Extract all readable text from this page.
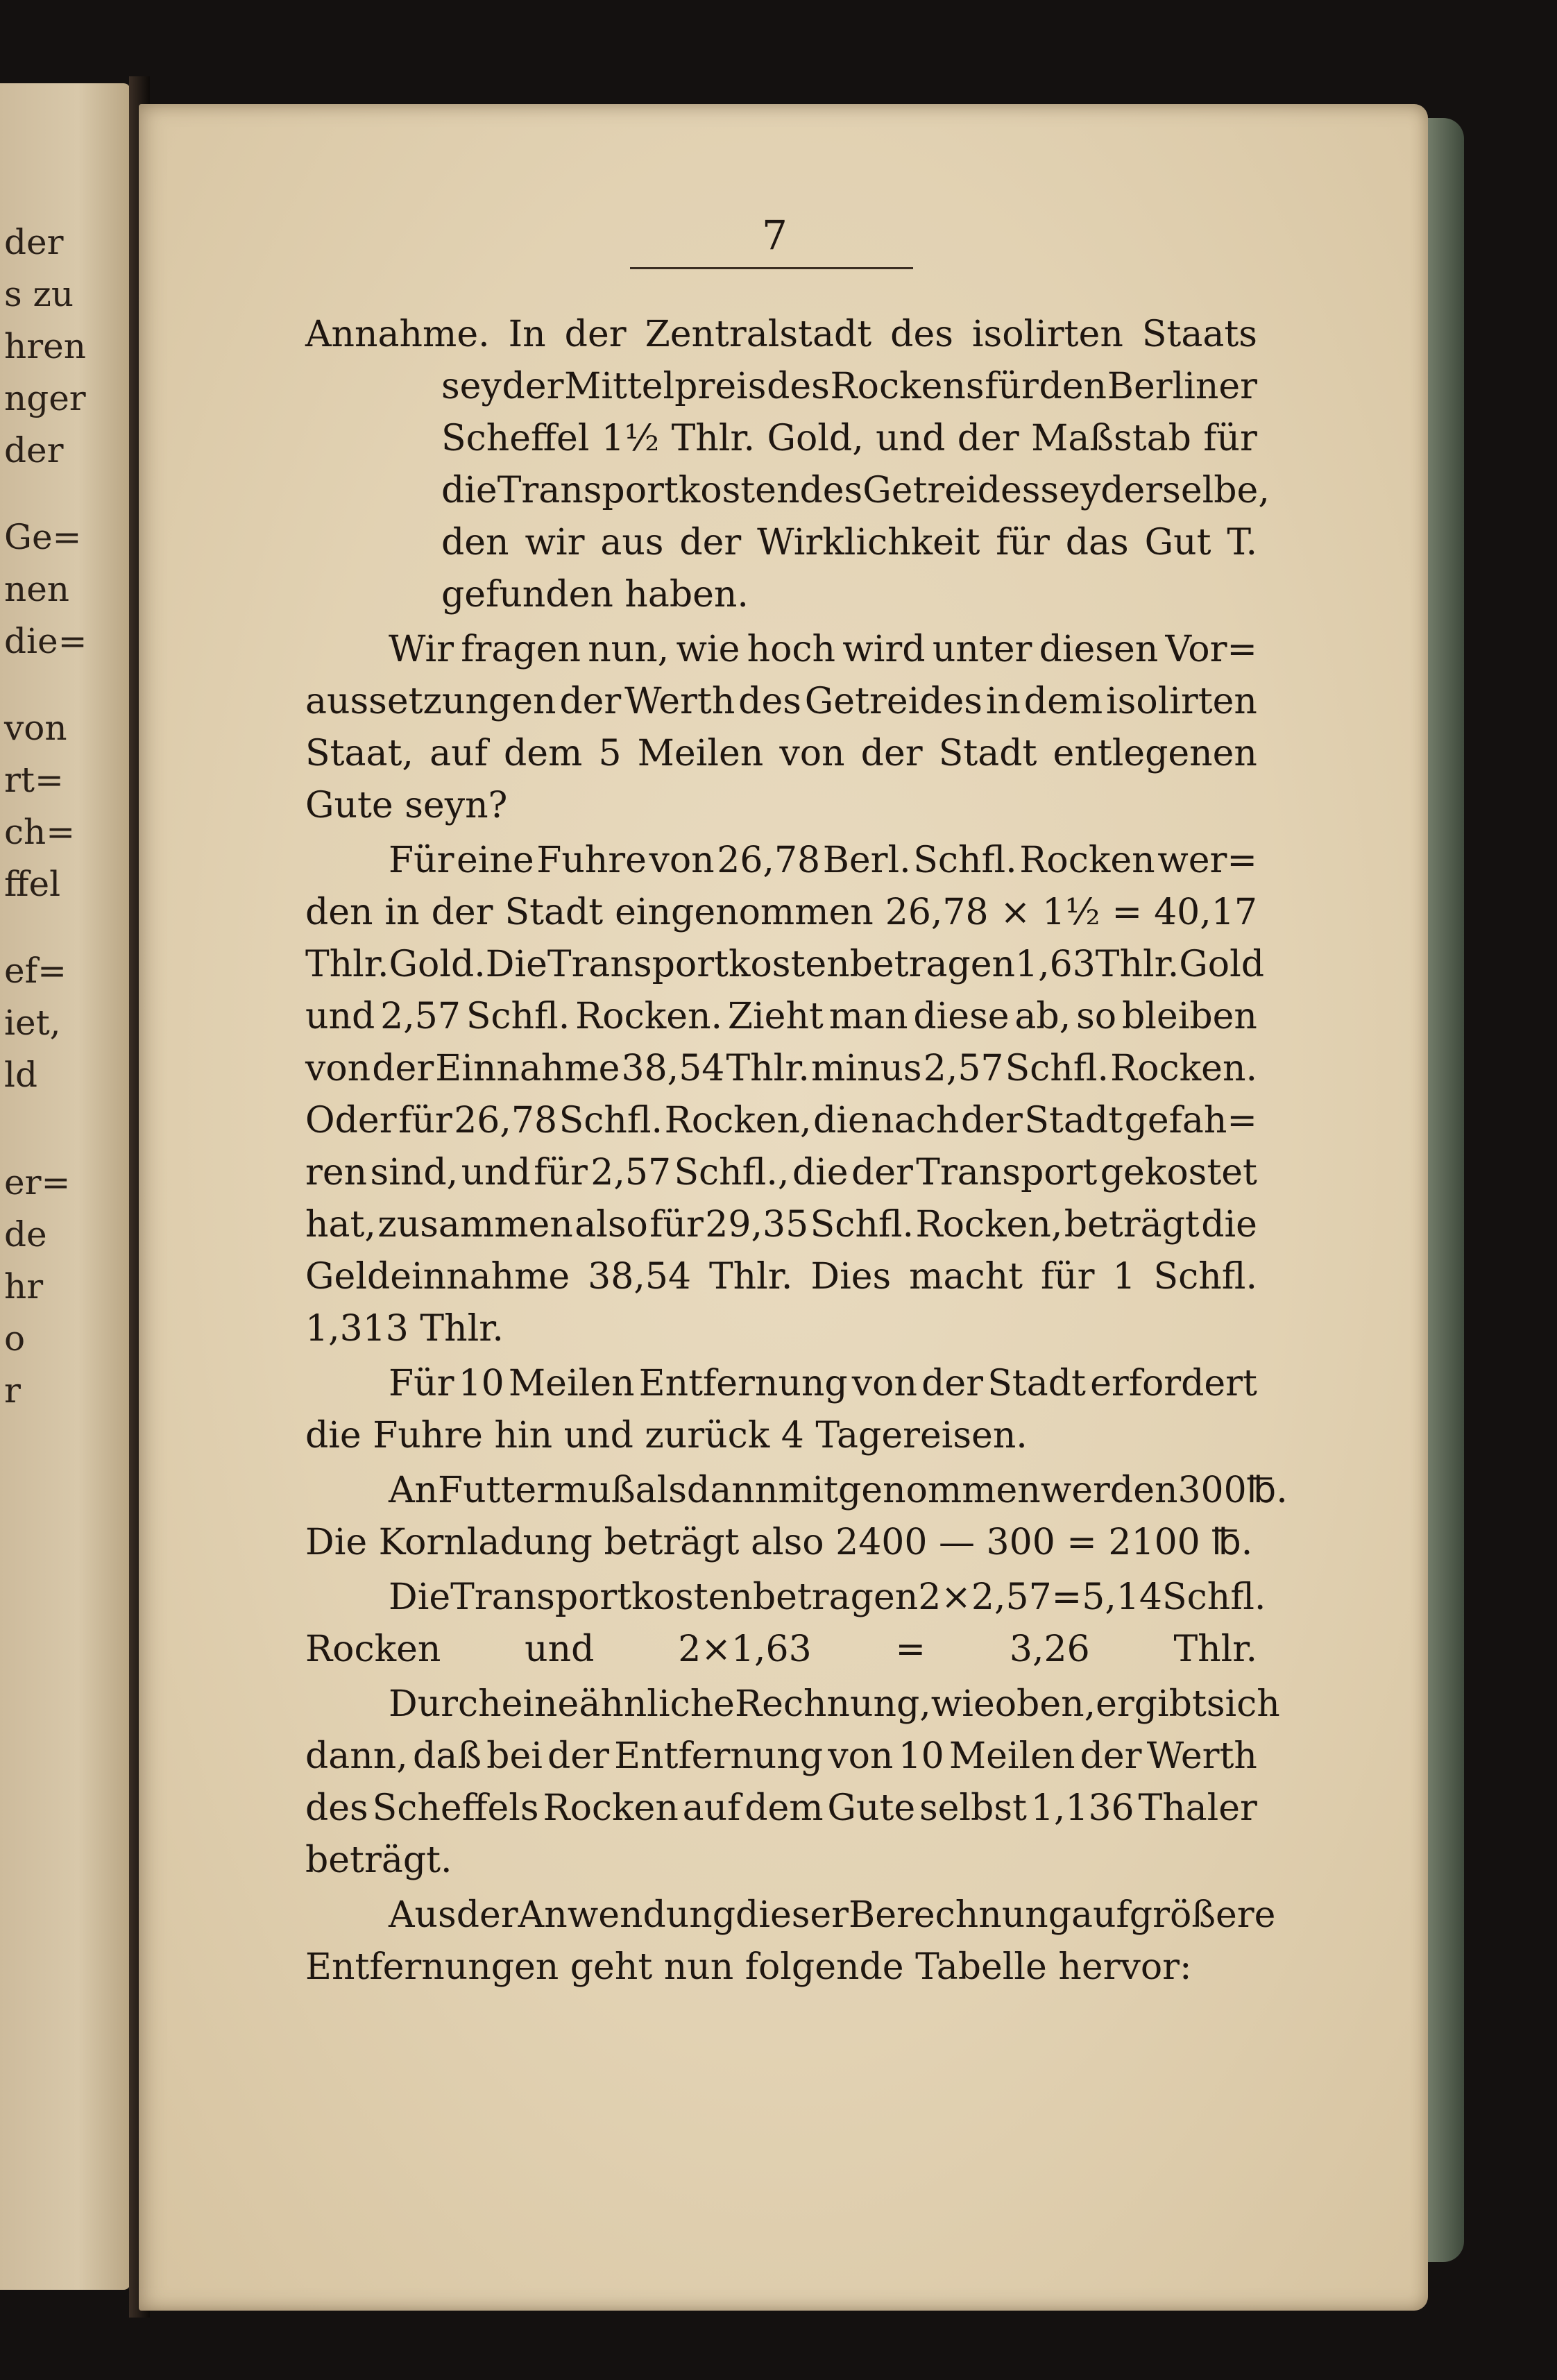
der
s zu
hren
nger
der
Ge=
nen
die=
von
rt=
ch=
ffel
ef=
iet,
ld
er=
de
hr
o
r
7
Annahme. In der Zentralstadt des isolirten Staats
sey der Mittelpreis des Rockens für den Berliner
Scheffel 1½ Thlr. Gold, und der Maßstab für
die Transportkosten des Getreides sey derselbe,
den wir aus der Wirklichkeit für das Gut T.
gefunden haben.
Wir fragen nun, wie hoch wird unter diesen Vor=
aussetzungen der Werth des Getreides in dem isolirten
Staat, auf dem 5 Meilen von der Stadt entlegenen
Gute seyn?
Für eine Fuhre von 26,78 Berl. Schfl. Rocken wer=
den in der Stadt eingenommen 26,78 × 1½ = 40,17
Thlr. Gold. Die Transportkosten betragen 1,63 Thlr. Gold
und 2,57 Schfl. Rocken. Zieht man diese ab, so bleiben
von der Einnahme 38,54 Thlr. minus 2,57 Schfl. Rocken.
Oder für 26,78 Schfl. Rocken, die nach der Stadt gefah=
ren sind, und für 2,57 Schfl., die der Transport gekostet
hat, zusammen also für 29,35 Schfl. Rocken, beträgt die
Geldeinnahme 38,54 Thlr. Dies macht für 1 Schfl.
1,313 Thlr.
Für 10 Meilen Entfernung von der Stadt erfordert
die Fuhre hin und zurück 4 Tagereisen.
An Futter muß alsdann mitgenommen werden 300 ℔.
Die Kornladung beträgt also 2400 — 300 = 2100 ℔.
Die Transportkosten betragen 2×2,57 = 5,14 Schfl.
Rocken und 2×1,63 = 3,26 Thlr.
Durch eine ähnliche Rechnung, wie oben, ergibt sich
dann, daß bei der Entfernung von 10 Meilen der Werth
des Scheffels Rocken auf dem Gute selbst 1,136 Thaler
beträgt.
Aus der Anwendung dieser Berechnung auf größere
Entfernungen geht nun folgende Tabelle hervor:
